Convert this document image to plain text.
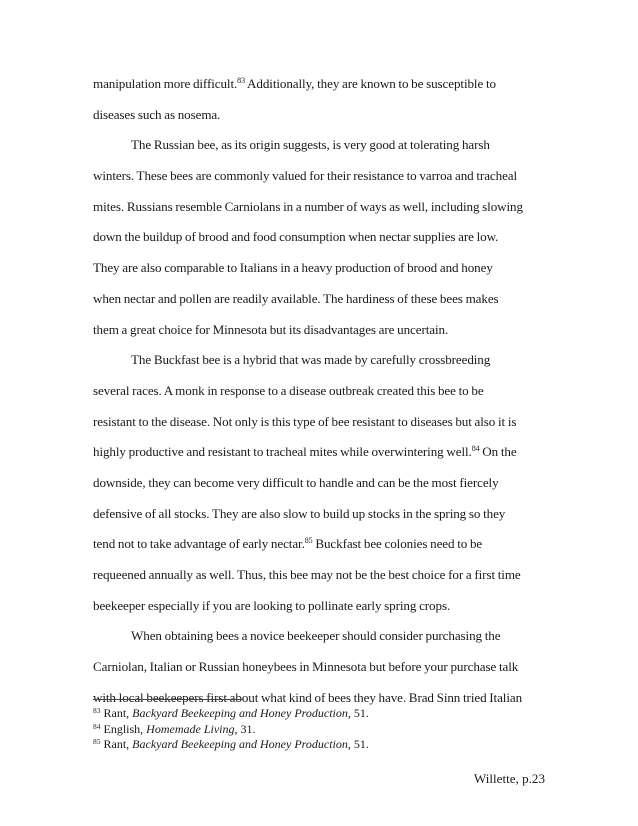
manipulation more difficult.$^{83}$ Additionally, they are known to be susceptible to
diseases such as nosema.
The Russian bee, as its origin suggests, is very good at tolerating harsh
winters. These bees are commonly valued for their resistance to varroa and tracheal
mites. Russians resemble Carniolans in a number of ways as well, including slowing
down the buildup of brood and food consumption when nectar supplies are low.
They are also comparable to Italians in a heavy production of brood and honey
when nectar and pollen are readily available. The hardiness of these bees makes
them a great choice for Minnesota but its disadvantages are uncertain.
The Buckfast bee is a hybrid that was made by carefully crossbreeding
several races. A monk in response to a disease outbreak created this bee to be
resistant to the disease. Not only is this type of bee resistant to diseases but also it is
highly productive and resistant to tracheal mites while overwintering well.$^{84}$ On the
downside, they can become very difficult to handle and can be the most fiercely
defensive of all stocks. They are also slow to build up stocks in the spring so they
tend not to take advantage of early nectar.$^{85}$ Buckfast bee colonies need to be
requeened annually as well. Thus, this bee may not be the best choice for a first time
beekeeper especially if you are looking to pollinate early spring crops.
When obtaining bees a novice beekeeper should consider purchasing the
Carniolan, Italian or Russian honeybees in Minnesota but before your purchase talk
with local beekeepers first about what kind of bees they have. Brad Sinn tried Italian
$^{83}$ Rant, Backyard Beekeeping and Honey Production, 51.
$^{84}$ English, Homemade Living, 31.
$^{85}$ Rant, Backyard Beekeeping and Honey Production, 51.
Willette, p.23
